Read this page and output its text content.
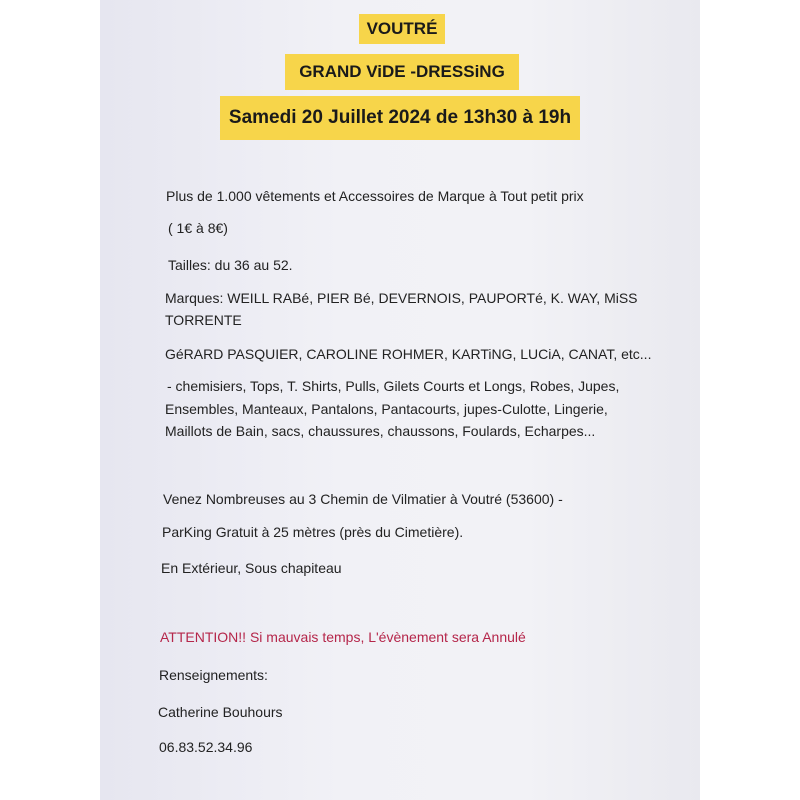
VOUTRÉ
GRAND ViDE -DRESSiNG
Samedi 20 Juillet 2024 de 13h30 à 19h
Plus de 1.000 vêtements et Accessoires de Marque à Tout petit prix
( 1€ à 8€)
Tailles: du 36 au 52.
Marques: WEILL RABé, PIER Bé, DEVERNOIS, PAUPORTé, K. WAY, MiSS
TORRENTE
GéRARD PASQUIER, CAROLINE ROHMER, KARTiNG, LUCiA, CANAT, etc...
- chemisiers, Tops, T. Shirts, Pulls, Gilets Courts et Longs, Robes, Jupes,
Ensembles, Manteaux, Pantalons, Pantacourts, jupes-Culotte, Lingerie,
Maillots de Bain, sacs, chaussures, chaussons, Foulards, Echarpes...
Venez Nombreuses au 3 Chemin de Vilmatier à Voutré (53600) -
ParKing Gratuit à 25 mètres (près du Cimetière).
En Extérieur, Sous chapiteau
ATTENTION!! Si mauvais temps, L'évènement sera Annulé
Renseignements:
Catherine Bouhours
06.83.52.34.96
